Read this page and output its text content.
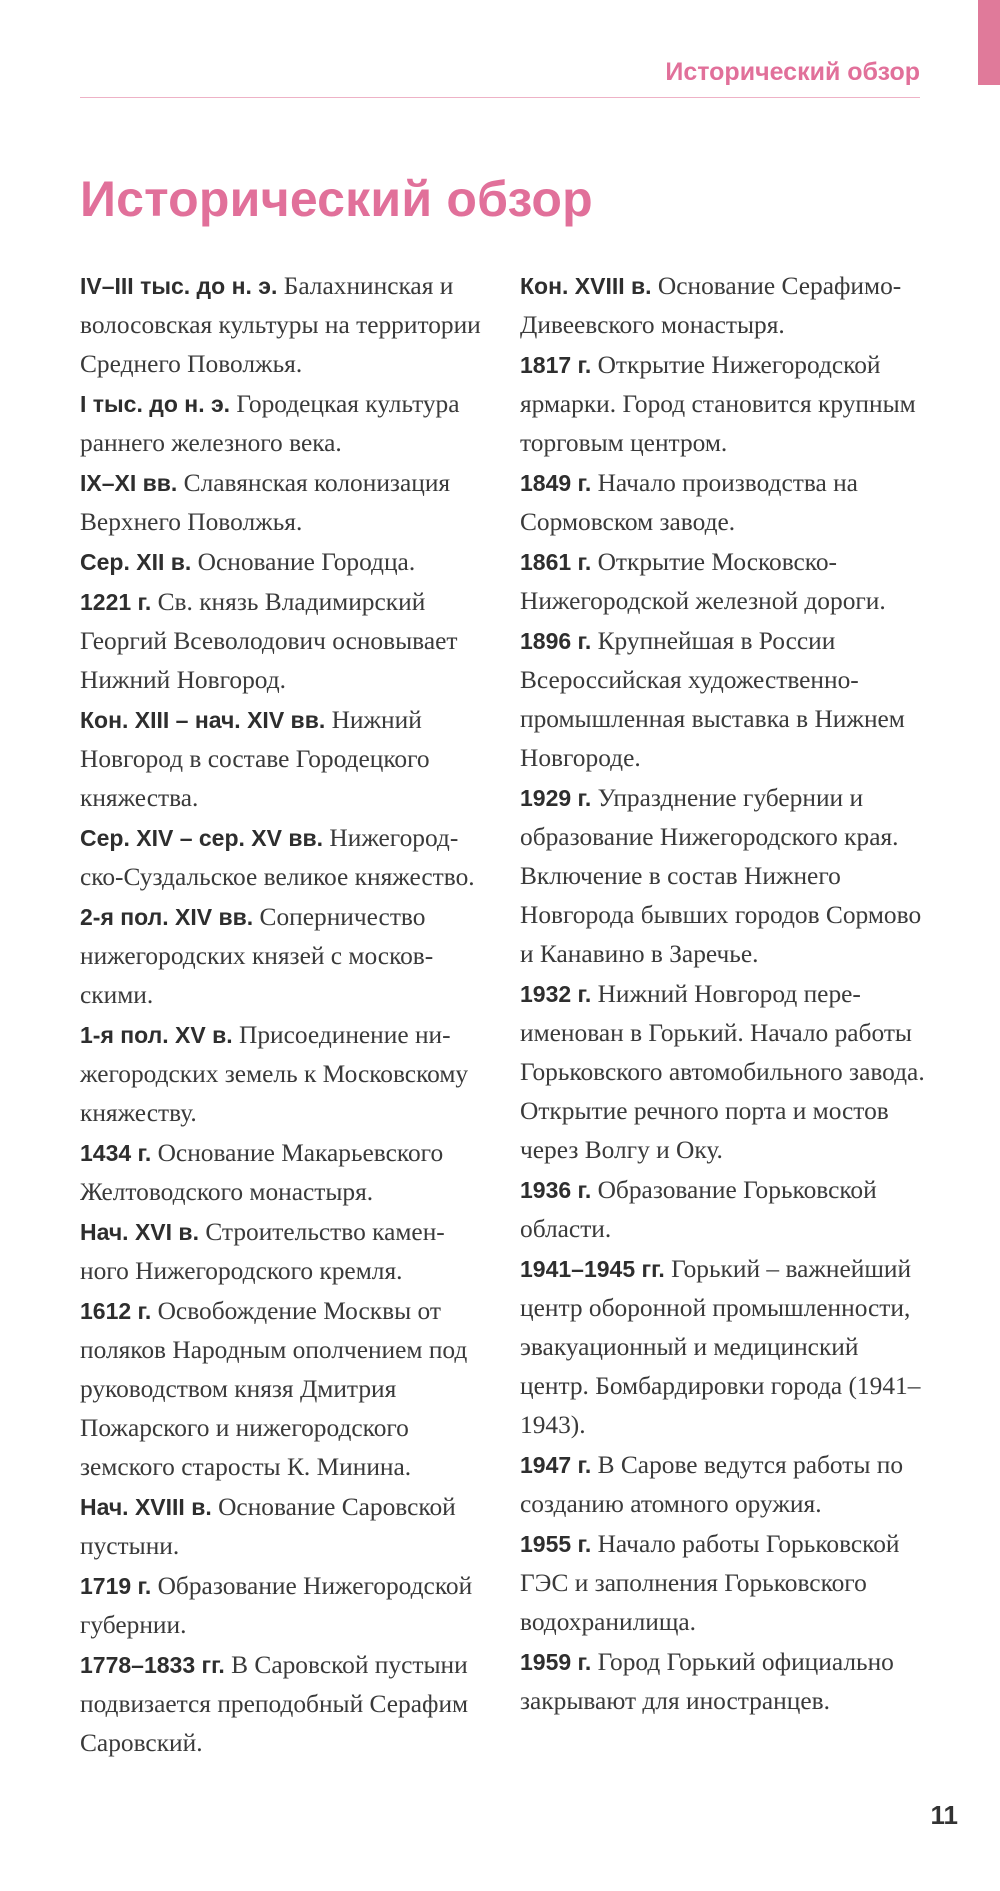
Исторический обзор
Исторический обзор

IV–III тыс. до н. э. Балахнинская и волосовская культуры на территории Среднего Поволжья.

I тыс. до н. э. Городецкая культура раннего железного века.

IX–XI вв. Славянская колонизация Верхнего Поволжья.

Сер. XII в. Основание Городца.

1221 г. Св. князь Владимирский Георгий Всеволодович основывает Нижний Новгород.

Кон. XIII – нач. XIV вв. Нижний Новгород в составе Городецкого княжества.

Сер. XIV – сер. XV вв. Нижегородско-Суздальское великое княжество.

2-я пол. XIV вв. Соперничество нижегородских князей с московскими.

1-я пол. XV в. Присоединение нижегородских земель к Московскому княжеству.

1434 г. Основание Макарьевского Желтоводского монастыря.

Нач. XVI в. Строительство каменного Нижегородского кремля.

1612 г. Освобождение Москвы от поляков Народным ополчением под руководством князя Дмитрия Пожарского и нижегородского земского старосты К. Минина.

Нач. XVIII в. Основание Саровской пустыни.

1719 г. Образование Нижегородской губернии.

1778–1833 гг. В Саровской пустыни подвизается преподобный Серафим Саровский.

Кон. XVIII в. Основание Серафимо-Дивеевского монастыря.

1817 г. Открытие Нижегородской ярмарки. Город становится крупным торговым центром.

1849 г. Начало производства на Сормовском заводе.

1861 г. Открытие Московско-Нижегородской железной дороги.

1896 г. Крупнейшая в России Всероссийская художественно-промышленная выставка в Нижнем Новгороде.

1929 г. Упразднение губернии и образование Нижегородского края. Включение в состав Нижнего Новгорода бывших городов Сормово и Канавино в Заречье.

1932 г. Нижний Новгород переименован в Горький. Начало работы Горьковского автомобильного завода. Открытие речного порта и мостов через Волгу и Оку.

1936 г. Образование Горьковской области.

1941–1945 гг. Горький – важнейший центр оборонной промышленности, эвакуационный и медицинский центр. Бомбардировки города (1941–1943).

1947 г. В Сарове ведутся работы по созданию атомного оружия.

1955 г. Начало работы Горьковской ГЭС и заполнения Горьковского водохранилища.

1959 г. Город Горький официально закрывают для иностранцев.

11
